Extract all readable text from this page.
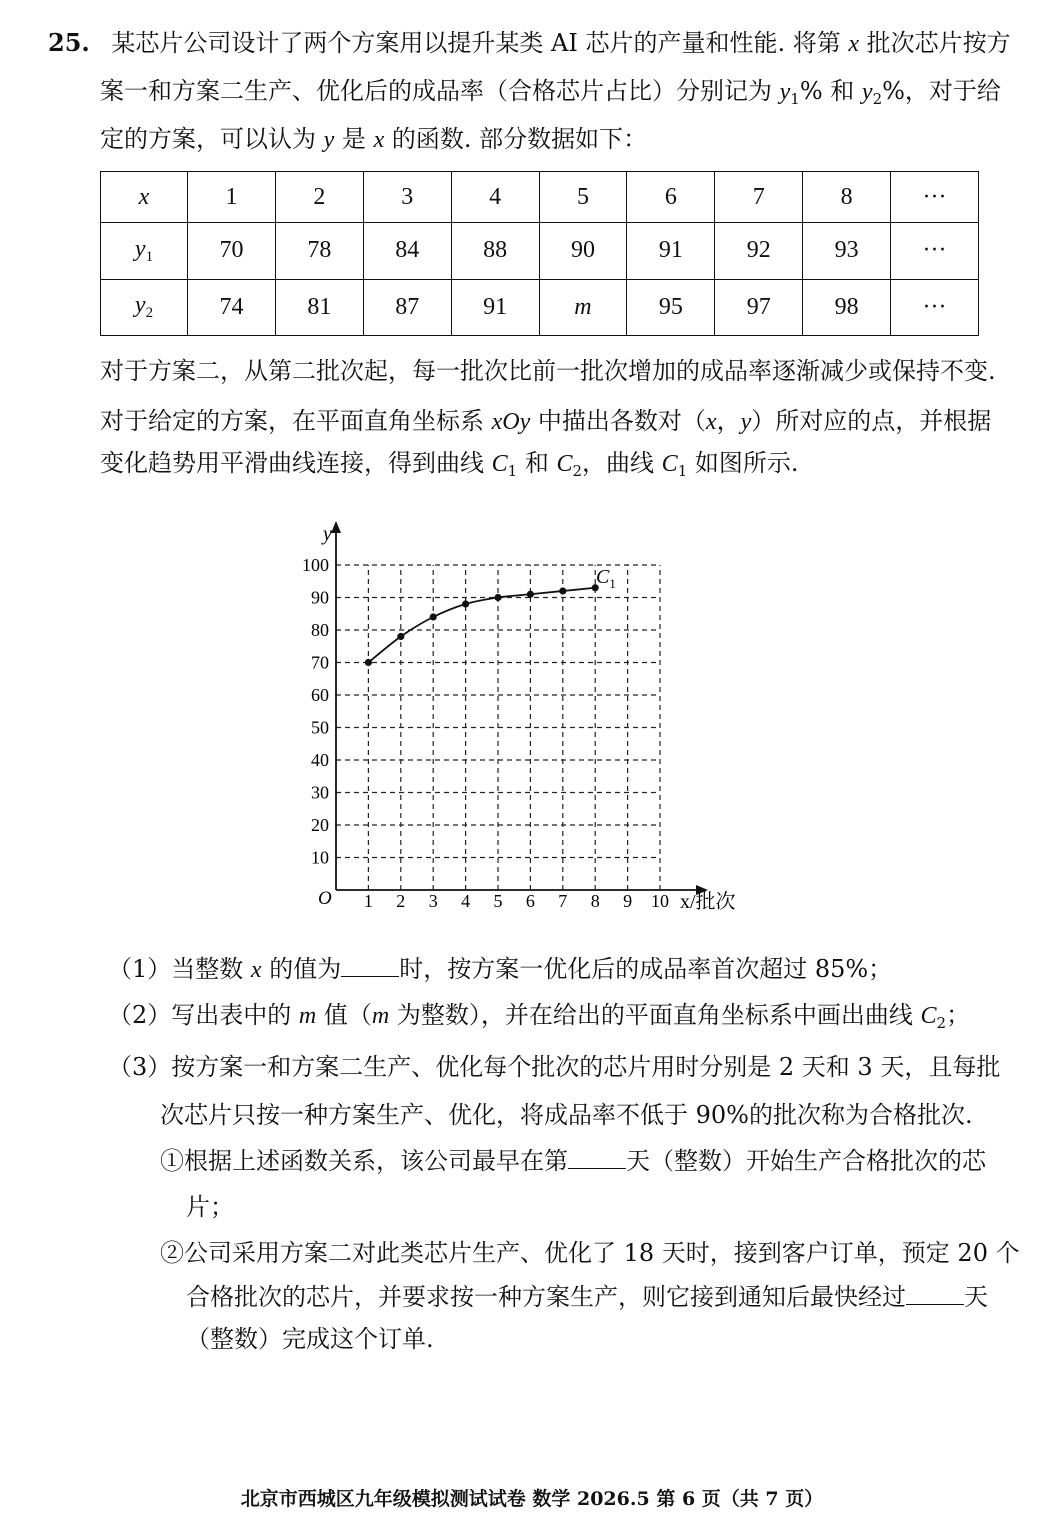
25. 某芯片公司设计了两个方案用以提升某类 AI 芯片的产量和性能. 将第 x 批次芯片按方
案一和方案二生产、优化后的成品率（合格芯片占比）分别记为 $y_1\%$ 和 $y_2\%$，对于给
定的方案，可以认为 y 是 x 的函数. 部分数据如下：
x	1	2	3	4	5	6	7	8	···
$y_1$	70	78	84	88	90	91	92	93	···
$y_2$	74	81	87	91	m	95	97	98	···
对于方案二，从第二批次起，每一批次比前一批次增加的成品率逐渐减少或保持不变.
对于给定的方案，在平面直角坐标系 xOy 中描出各数对（x，y）所对应的点，并根据
变化趋势用平滑曲线连接，得到曲线 $C_1$ 和 $C_2$，曲线 $C_1$ 如图所示.
1 2 3 4 5 6 7 8 9 10
10
20
30
40
50
60
70
80
90
100
y
x/批次
O
$C_1$
（1）当整数 x 的值为 时，按方案一优化后的成品率首次超过 85%；
（2）写出表中的 m 值（m 为整数），并在给出的平面直角坐标系中画出曲线 $C_2$；
（3）按方案一和方案二生产、优化每个批次的芯片用时分别是 2 天和 3 天，且每批
次芯片只按一种方案生产、优化，将成品率不低于 90%的批次称为合格批次.
①根据上述函数关系，该公司最早在第 天（整数）开始生产合格批次的芯
片；
②公司采用方案二对此类芯片生产、优化了 18 天时，接到客户订单，预定 20 个
合格批次的芯片，并要求按一种方案生产，则它接到通知后最快经过 天
（整数）完成这个订单.
北京市西城区九年级模拟测试试卷 数学 2026.5 第 6 页（共 7 页）
